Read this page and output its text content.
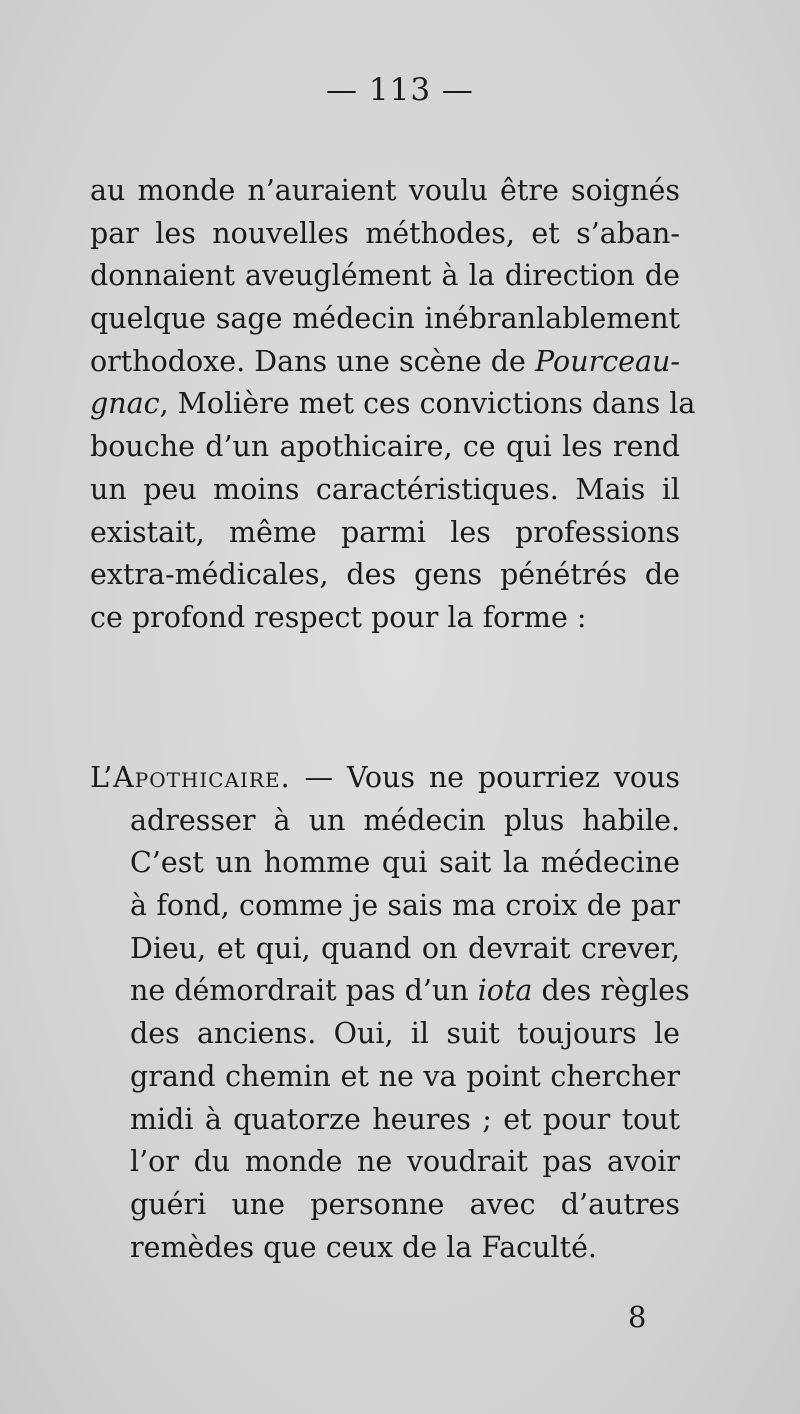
— 113 —
au monde n’auraient voulu être soignés
par les nouvelles méthodes, et s’aban-
donnaient aveuglément à la direction de
quelque sage médecin inébranlablement
orthodoxe. Dans une scène de Pourceau-
gnac, Molière met ces convictions dans la
bouche d’un apothicaire, ce qui les rend
un peu moins caractéristiques. Mais il
existait, même parmi les professions
extra-médicales, des gens pénétrés de
ce profond respect pour la forme :
L’Apothicaire. — Vous ne pourriez vous
adresser à un médecin plus habile.
C’est un homme qui sait la médecine
à fond, comme je sais ma croix de par
Dieu, et qui, quand on devrait crever,
ne démordrait pas d’un iota des règles
des anciens. Oui, il suit toujours le
grand chemin et ne va point chercher
midi à quatorze heures ; et pour tout
l’or du monde ne voudrait pas avoir
guéri une personne avec d’autres
remèdes que ceux de la Faculté.
8
